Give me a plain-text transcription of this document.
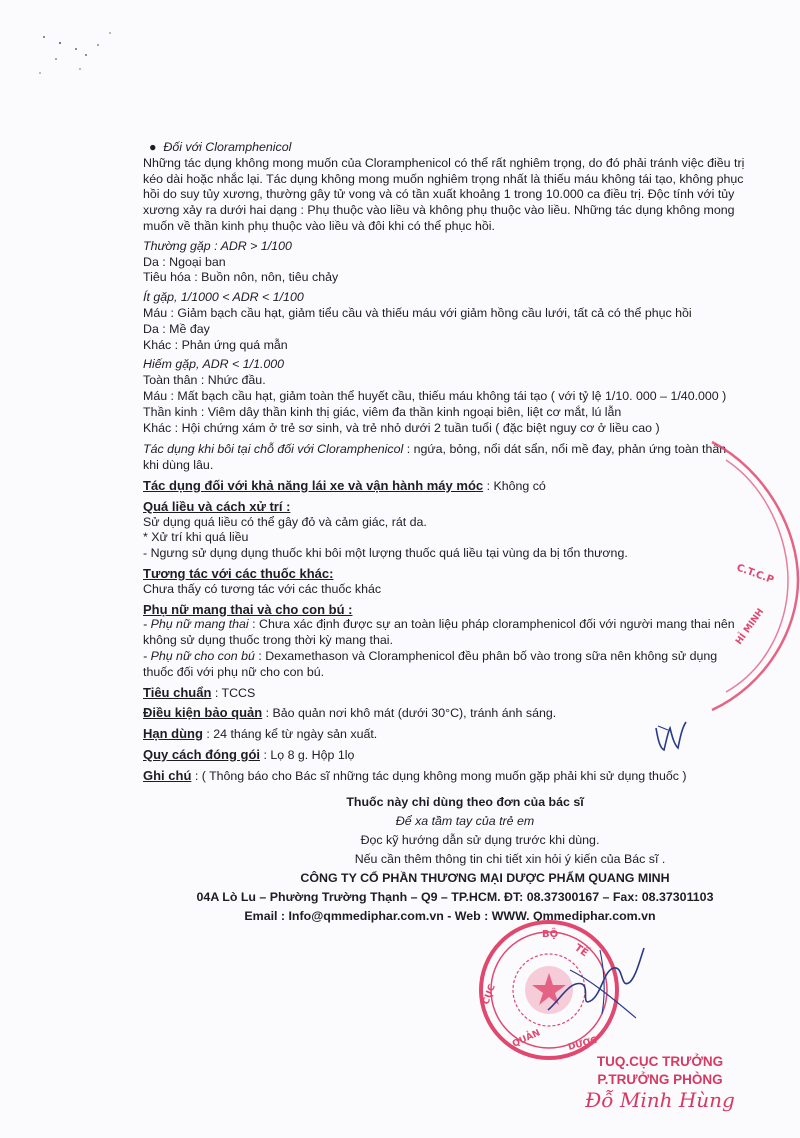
● Đối với Cloramphenicol

Những tác dụng không mong muốn của Cloramphenicol có thể rất nghiêm trọng, do đó phải tránh việc điều trị kéo dài hoặc nhắc lại. Tác dụng không mong muốn nghiêm trọng nhất là thiếu máu không tái tạo, không phục hồi do suy tủy xương, thường gây tử vong và có tần xuất khoảng 1 trong 10.000 ca điều trị. Độc tính với tủy xương xảy ra dưới hai dạng : Phụ thuộc vào liều và không phụ thuộc vào liều. Những tác dụng không mong muốn về thần kinh phụ thuộc vào liều và đôi khi có thể phục hồi.

Thường gặp : ADR > 1/100

Da : Ngoại ban

Tiêu hóa : Buồn nôn, nôn, tiêu chảy

Ít gặp, 1/1000 < ADR < 1/100

Máu : Giảm bạch cầu hạt, giảm tiểu cầu và thiếu máu với giảm hồng cầu lưới, tất cả có thể phục hồi

Da : Mề đay

Khác : Phản ứng quá mẫn

Hiếm gặp, ADR < 1/1.000

Toàn thân : Nhức đầu.

Máu : Mất bạch cầu hạt, giảm toàn thể huyết cầu, thiếu máu không tái tạo ( với tỷ lệ 1/10. 000 – 1/40.000 )

Thần kinh : Viêm dây thần kinh thị giác, viêm đa thần kinh ngoại biên, liệt cơ mắt, lú lẫn

Khác : Hội chứng xám ở trẻ sơ sinh, và trẻ nhỏ dưới 2 tuần tuổi ( đặc biệt nguy cơ ở liều cao )

Tác dụng khi bôi tại chỗ đối với Cloramphenicol : ngứa, bỏng, nổi dát sẩn, nổi mề đay, phản ứng toàn thân khi dùng lâu.

Tác dụng đối với khả năng lái xe và vận hành máy móc : Không có

Quá liều và cách xử trí :

Sử dụng quá liều có thể gây đỏ và cảm giác, rát da.

* Xử trí khi quá liều

- Ngưng sử dụng dụng thuốc khi bôi một lượng thuốc quá liều tại vùng da bị tổn thương.

Tương tác với các thuốc khác:

Chưa thấy có tương tác với các thuốc khác

Phụ nữ mang thai và cho con bú :

- Phụ nữ mang thai : Chưa xác định được sự an toàn liệu pháp cloramphenicol đối với người mang thai nên không sử dụng thuốc trong thời kỳ mang thai.

- Phụ nữ cho con bú : Dexamethason và Cloramphenicol đều phân bố vào trong sữa nên không sử dụng thuốc đối với phụ nữ cho con bú.

Tiêu chuẩn : TCCS

Điều kiện bảo quản : Bảo quản nơi khô mát (dưới 30°C), tránh ánh sáng.

Hạn dùng : 24 tháng kể từ ngày sản xuất.

Quy cách đóng gói : Lọ 8 g. Hộp 1lọ

Ghi chú : ( Thông báo cho Bác sĩ những tác dụng không mong muốn gặp phải khi sử dụng thuốc )

Thuốc này chỉ dùng theo đơn của bác sĩ

Để xa tầm tay của trẻ em

Đọc kỹ hướng dẫn sử dụng trước khi dùng.

Nếu cần thêm thông tin chi tiết xin hỏi ý kiến của Bác sĩ .

CÔNG TY CỔ PHẦN THƯƠNG MẠI DƯỢC PHẨM QUANG MINH

04A Lò Lu – Phường Trường Thạnh – Q9 – TP.HCM. ĐT: 08.37300167 – Fax: 08.37301103

Email : Info@qmmediphar.com.vn - Web : WWW. Qmmediphar.com.vn

C.T.C.P
HỈ MINH
BỘ
TẾ
CỤC
QUẢN	DƯỢC
TUQ.CỤC TRƯỞNG
P.TRƯỞNG PHÒNG
Đỗ Minh Hùng
